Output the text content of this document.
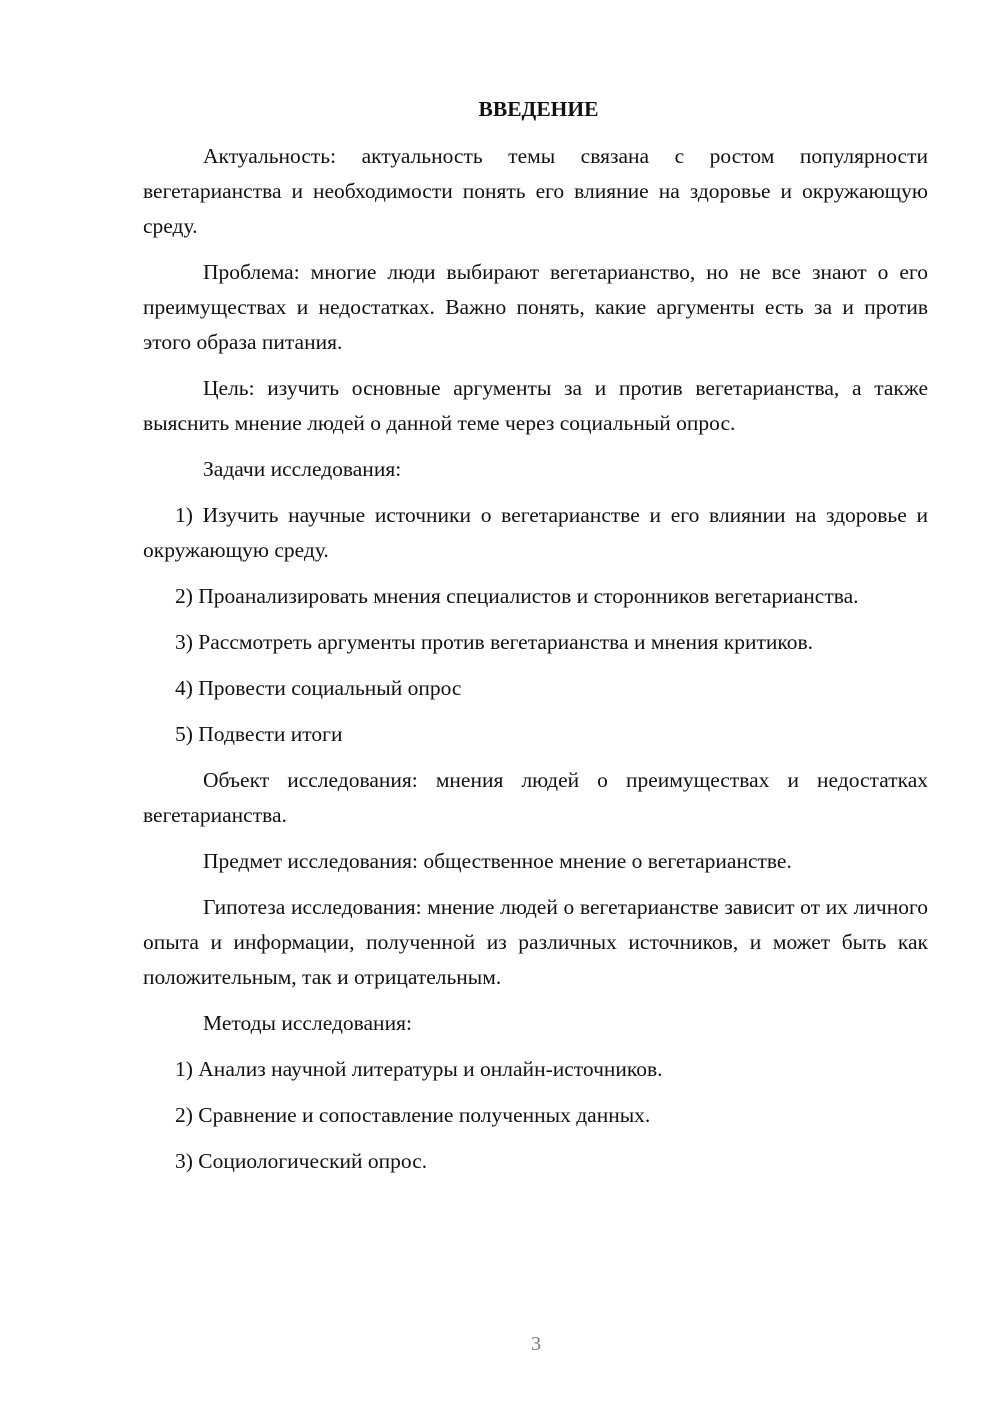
ВВЕДЕНИЕ

Актуальность: актуальность темы связана с ростом популярности вегетарианства и необходимости понять его влияние на здоровье и окружающую среду.

Проблема: многие люди выбирают вегетарианство, но не все знают о его преимуществах и недостатках. Важно понять, какие аргументы есть за и против этого образа питания.

Цель: изучить основные аргументы за и против вегетарианства, а также выяснить мнение людей о данной теме через социальный опрос.

Задачи исследования:

1) Изучить научные источники о вегетарианстве и его влиянии на здоровье и окружающую среду.

2) Проанализировать мнения специалистов и сторонников вегетарианства.

3) Рассмотреть аргументы против вегетарианства и мнения критиков.

4) Провести социальный опрос

5) Подвести итоги

Объект исследования: мнения людей о преимуществах и недостатках вегетарианства.

Предмет исследования: общественное мнение о вегетарианстве.

Гипотеза исследования: мнение людей о вегетарианстве зависит от их личного опыта и информации, полученной из различных источников, и может быть как положительным, так и отрицательным.

Методы исследования:

1) Анализ научной литературы и онлайн-источников.

2) Сравнение и сопоставление полученных данных.

3) Социологический опрос.

3
